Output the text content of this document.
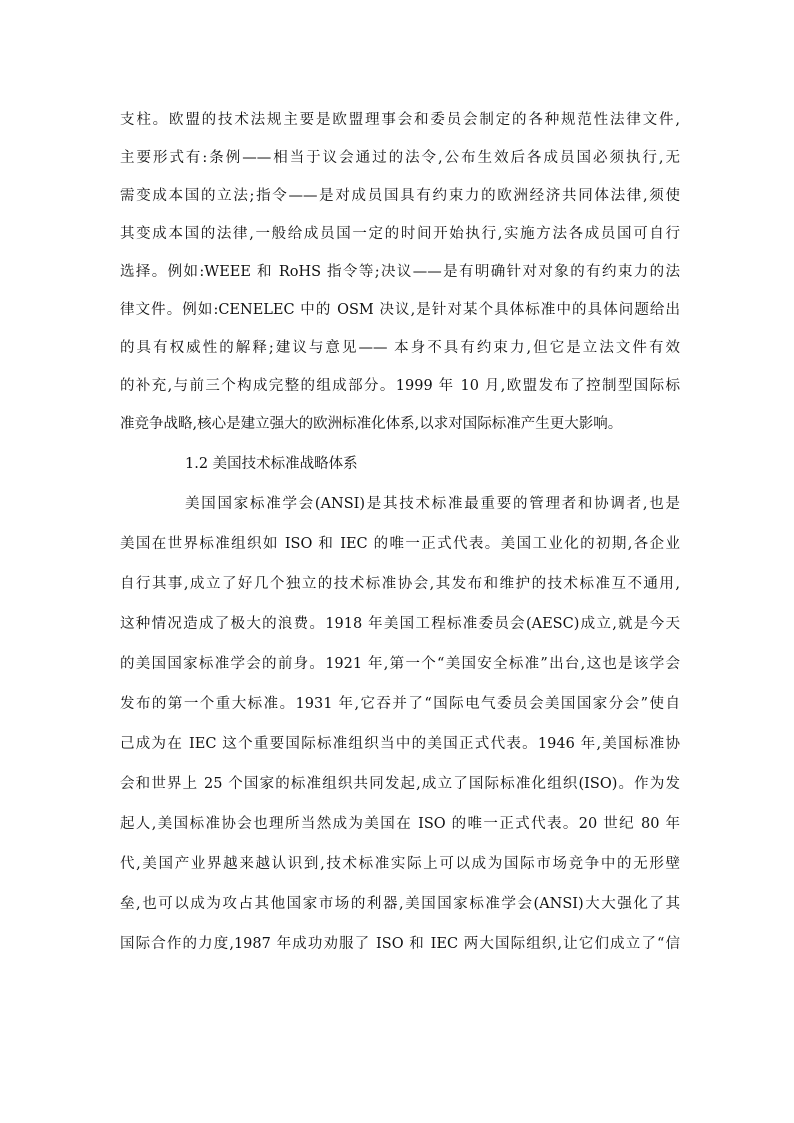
支柱。欧盟的技术法规主要是欧盟理事会和委员会制定的各种规范性法律文件,
主要形式有:条例——相当于议会通过的法令,公布生效后各成员国必须执行,无
需变成本国的立法;指令——是对成员国具有约束力的欧洲经济共同体法律,须使
其变成本国的法律,一般给成员国一定的时间开始执行,实施方法各成员国可自行
选择。例如:WEEE 和 RoHS 指令等;决议——是有明确针对对象的有约束力的法
律文件。例如:CENELEC 中的 OSM 决议,是针对某个具体标准中的具体问题给出
的具有权威性的解释;建议与意见—— 本身不具有约束力,但它是立法文件有效
的补充,与前三个构成完整的组成部分。1999 年 10 月,欧盟发布了控制型国际标
准竞争战略,核心是建立强大的欧洲标准化体系,以求对国际标准产生更大影响。
1.2 美国技术标准战略体系
美国国家标准学会(ANSI)是其技术标准最重要的管理者和协调者,也是
美国在世界标准组织如 ISO 和 IEC 的唯一正式代表。美国工业化的初期,各企业
自行其事,成立了好几个独立的技术标准协会,其发布和维护的技术标准互不通用,
这种情况造成了极大的浪费。1918 年美国工程标准委员会(AESC)成立,就是今天
的美国国家标准学会的前身。1921 年,第一个“美国安全标准”出台,这也是该学会
发布的第一个重大标准。1931 年,它吞并了“国际电气委员会美国国家分会”使自
己成为在 IEC 这个重要国际标准组织当中的美国正式代表。1946 年,美国标准协
会和世界上 25 个国家的标准组织共同发起,成立了国际标准化组织(ISO)。作为发
起人,美国标准协会也理所当然成为美国在 ISO 的唯一正式代表。20 世纪 80 年
代,美国产业界越来越认识到,技术标准实际上可以成为国际市场竞争中的无形壁
垒,也可以成为攻占其他国家市场的利器,美国国家标准学会(ANSI)大大强化了其
国际合作的力度,1987 年成功劝服了 ISO 和 IEC 两大国际组织,让它们成立了“信
